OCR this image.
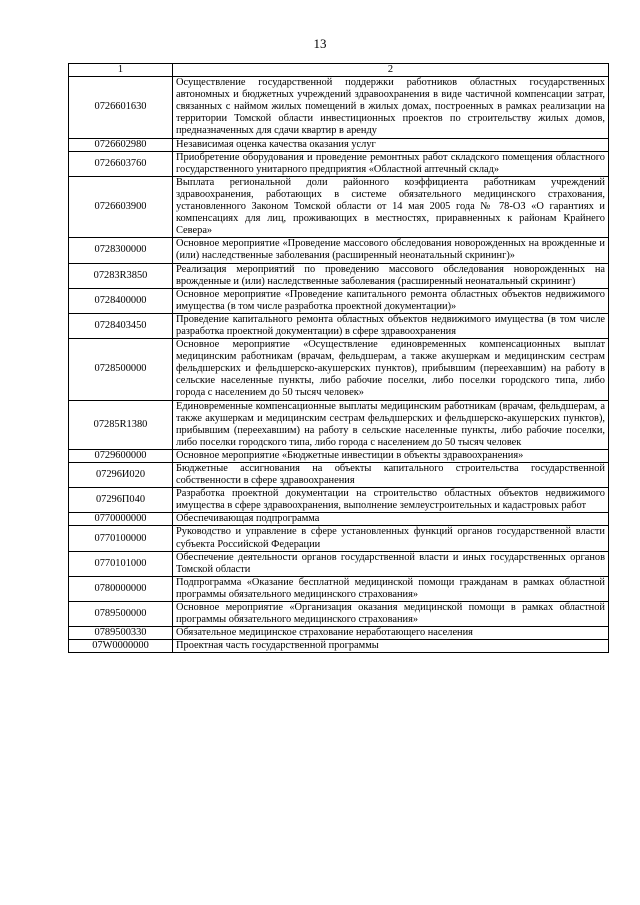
13
1	2
0726601630	Осуществление государственной поддержки работников областных государственных автономных и бюджетных учреждений здравоохранения в виде частичной компенсации затрат, связанных с наймом жилых помещений в жилых домах, построенных в рамках реализации на территории Томской области инвестиционных проектов по строительству жилых домов, предназначенных для сдачи квартир в аренду
0726602980	Независимая оценка качества оказания услуг
0726603760	Приобретение оборудования и проведение ремонтных работ складского помещения областного государственного унитарного предприятия «Областной аптечный склад»
0726603900	Выплата региональной доли районного коэффициента работникам учреждений здравоохранения, работающих в системе обязательного медицинского страхования, установленного Законом Томской области от 14 мая 2005 года № 78-ОЗ «О гарантиях и компенсациях для лиц, проживающих в местностях, приравненных к районам Крайнего Севера»
0728300000	Основное мероприятие «Проведение массового обследования новорожденных на врожденные и (или) наследственные заболевания (расширенный неонатальный скрининг)»
07283R3850	Реализация мероприятий по проведению массового обследования новорожденных на врожденные и (или) наследственные заболевания (расширенный неонатальный скрининг)
0728400000	Основное мероприятие «Проведение капитального ремонта областных объектов недвижимого имущества (в том числе разработка проектной документации)»
0728403450	Проведение капитального ремонта областных объектов недвижимого имущества (в том числе разработка проектной документации) в сфере здравоохранения
0728500000	Основное мероприятие «Осуществление единовременных компенсационных выплат медицинским работникам (врачам, фельдшерам, а также акушеркам и медицинским сестрам фельдшерских и фельдшерско-акушерских пунктов), прибывшим (переехавшим) на работу в сельские населенные пункты, либо рабочие поселки, либо поселки городского типа, либо города с населением до 50 тысяч человек»
07285R1380	Единовременные компенсационные выплаты медицинским работникам (врачам, фельдшерам, а также акушеркам и медицинским сестрам фельдшерских и фельдшерско-акушерских пунктов), прибывшим (переехавшим) на работу в сельские населенные пункты, либо рабочие поселки, либо поселки городского типа, либо города с населением до 50 тысяч человек
0729600000	Основное мероприятие «Бюджетные инвестиции в объекты здравоохранения»
07296И020	Бюджетные ассигнования на объекты капитального строительства государственной собственности в сфере здравоохранения
07296П040	Разработка проектной документации на строительство областных объектов недвижимого имущества в сфере здравоохранения, выполнение землеустроительных и кадастровых работ
0770000000	Обеспечивающая подпрограмма
0770100000	Руководство и управление в сфере установленных функций органов государственной власти субъекта Российской Федерации
0770101000	Обеспечение деятельности органов государственной власти и иных государственных органов Томской области
0780000000	Подпрограмма «Оказание бесплатной медицинской помощи гражданам в рамках областной программы обязательного медицинского страхования»
0789500000	Основное мероприятие «Организация оказания медицинской помощи в рамках областной программы обязательного медицинского страхования»
0789500330	Обязательное медицинское страхование неработающего населения
07W0000000	Проектная часть государственной программы
